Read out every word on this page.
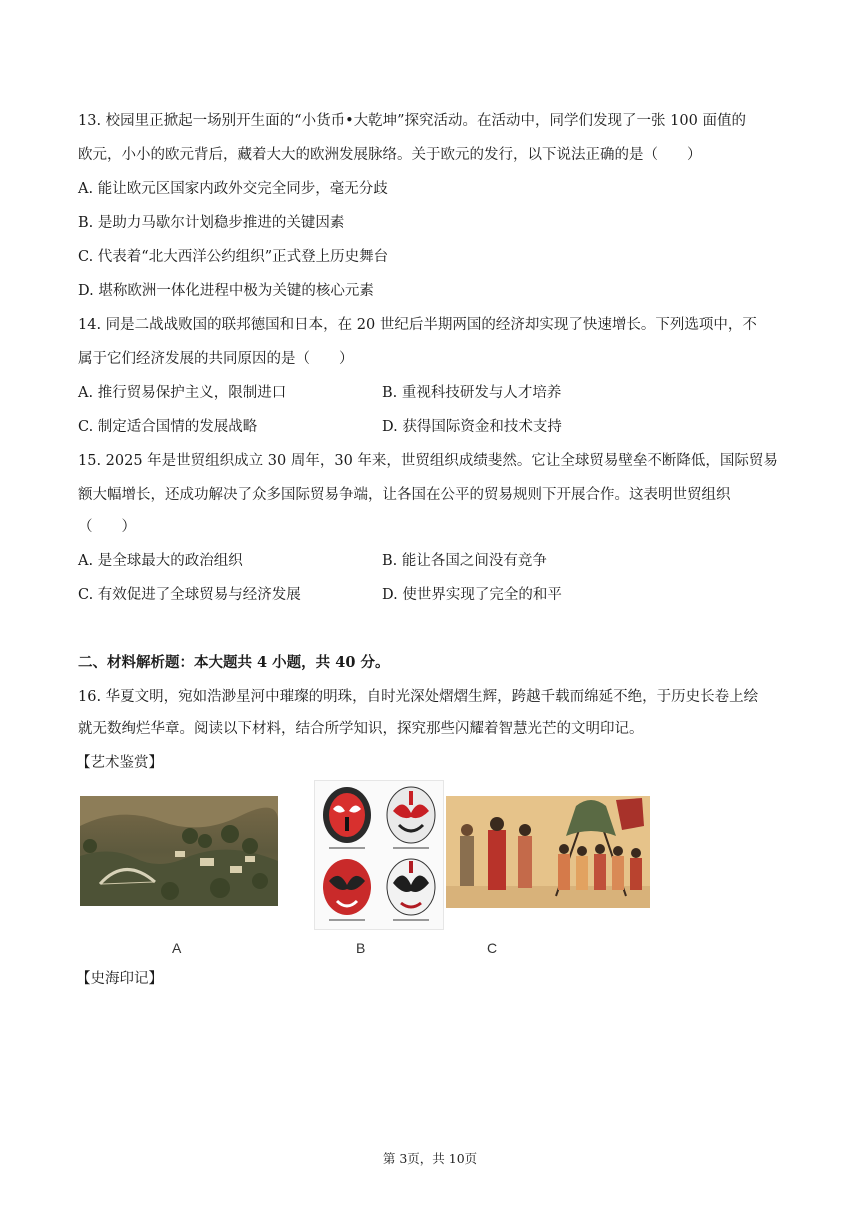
13. 校园里正掀起一场别开生面的“小货币•大乾坤”探究活动。在活动中，同学们发现了一张 100 面值的
欧元，小小的欧元背后，藏着大大的欧洲发展脉络。关于欧元的发行，以下说法正确的是（　　）
A. 能让欧元区国家内政外交完全同步，毫无分歧
B. 是助力马歇尔计划稳步推进的关键因素
C. 代表着“北大西洋公约组织”正式登上历史舞台
D. 堪称欧洲一体化进程中极为关键的核心元素
14. 同是二战战败国的联邦德国和日本，在 20 世纪后半期两国的经济却实现了快速增长。下列选项中，不
属于它们经济发展的共同原因的是（　　）
A. 推行贸易保护主义，限制进口	B. 重视科技研发与人才培养
C. 制定适合国情的发展战略	D. 获得国际资金和技术支持
15. 2025 年是世贸组织成立 30 周年，30 年来，世贸组织成绩斐然。它让全球贸易壁垒不断降低，国际贸易
额大幅增长，还成功解决了众多国际贸易争端，让各国在公平的贸易规则下开展合作。这表明世贸组织
（　　）
A. 是全球最大的政治组织	B. 能让各国之间没有竞争
C. 有效促进了全球贸易与经济发展	D. 使世界实现了完全的和平
二、材料解析题：本大题共 4 小题，共 40 分。
16. 华夏文明，宛如浩渺星河中璀璨的明珠，自时光深处熠熠生辉，跨越千载而绵延不绝，于历史长卷上绘
就无数绚烂华章。阅读以下材料，结合所学知识，探究那些闪耀着智慧光芒的文明印记。
【艺术鉴赏】
A	B	C
【史海印记】
第 3页，共 10页
